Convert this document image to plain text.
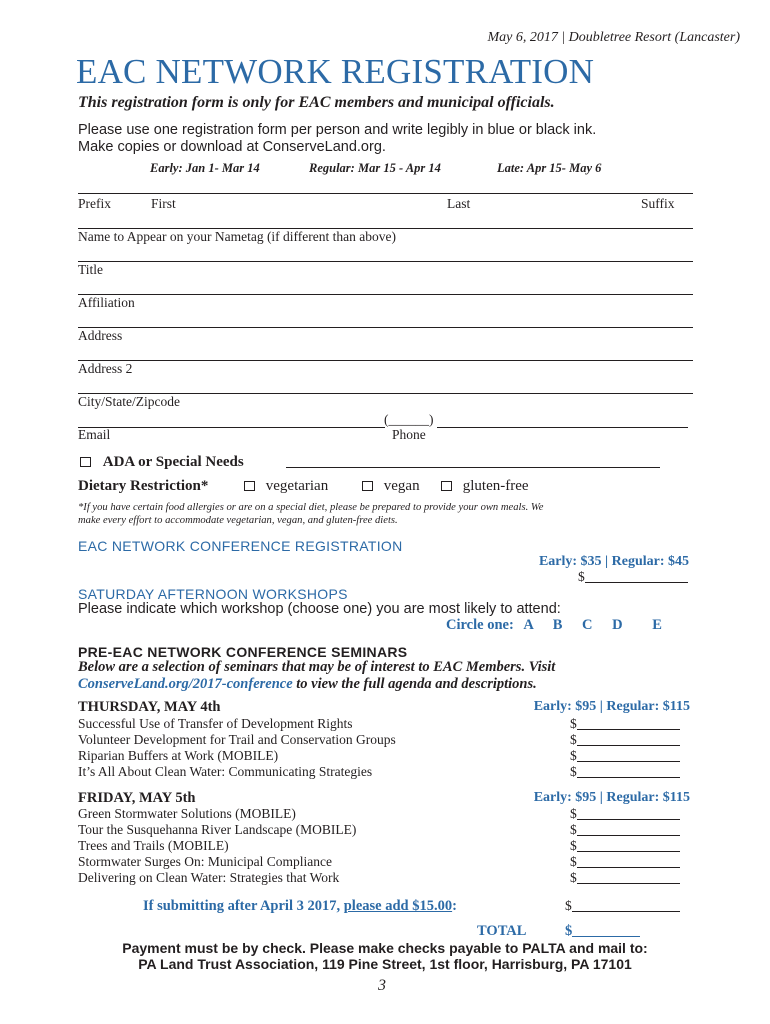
May 6, 2017 | Doubletree Resort (Lancaster)
EAC NETWORK REGISTRATION
This registration form is only for EAC members and municipal officials.
Please use one registration form per person and write legibly in blue or black ink.
Make copies or download at ConserveLand.org.
Early: Jan 1- Mar 14	Regular: Mar 15 - Apr 14	Late: Apr 15- May 6
Prefix	First	Last	Suffix
Name to Appear on your Nametag (if different than above)
Title
Affiliation
Address
Address 2
City/State/Zipcode
(______)
Email	Phone
ADA or Special Needs
Dietary Restriction*	vegetarian	vegan	gluten-free
*If you have certain food allergies or are on a special diet, please be prepared to provide your own meals. We
make every effort to accommodate vegetarian, vegan, and gluten-free diets.
EAC NETWORK CONFERENCE REGISTRATION
Early: $35 | Regular: $45
$
SATURDAY AFTERNOON WORKSHOPS
Please indicate which workshop (choose one) you are most likely to attend:
Circle one: A B C D E
PRE-EAC NETWORK CONFERENCE SEMINARS
Below are a selection of seminars that may be of interest to EAC Members. Visit
ConserveLand.org/2017-conference to view the full agenda and descriptions.
THURSDAY, MAY 4th	Early: $95 | Regular: $115
Successful Use of Transfer of Development Rights	$
Volunteer Development for Trail and Conservation Groups	$
Riparian Buffers at Work (MOBILE)	$
It’s All About Clean Water: Communicating Strategies	$
FRIDAY, MAY 5th	Early: $95 | Regular: $115
Green Stormwater Solutions (MOBILE)	$
Tour the Susquehanna River Landscape (MOBILE)	$
Trees and Trails (MOBILE)	$
Stormwater Surges On: Municipal Compliance	$
Delivering on Clean Water: Strategies that Work	$
If submitting after April 3 2017, please add $15.00:	$
TOTAL	$
Payment must be by check. Please make checks payable to PALTA and mail to:
PA Land Trust Association, 119 Pine Street, 1st floor, Harrisburg, PA 17101
3
